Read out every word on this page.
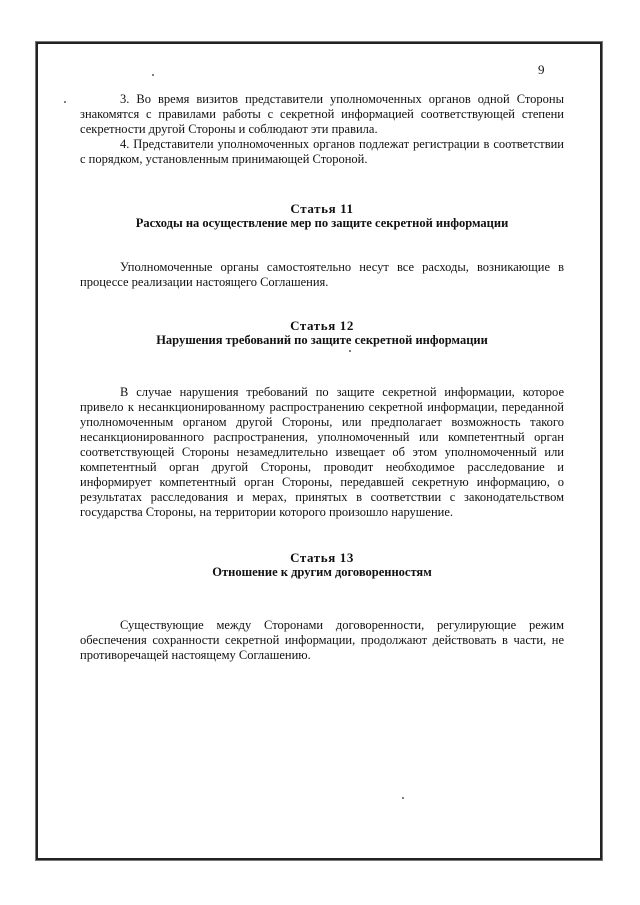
9

3. Во время визитов представители уполномоченных органов одной Стороны знакомятся с правилами работы с секретной информацией соответствующей степени секретности другой Стороны и соблюдают эти правила.

4. Представители уполномоченных органов подлежат регистрации в соответствии с порядком, установленным принимающей Стороной.

Статья 11

Расходы на осуществление мер по защите секретной информации

Уполномоченные органы самостоятельно несут все расходы, возникающие в процессе реализации настоящего Соглашения.

Статья 12

Нарушения требований по защите секретной информации

В случае нарушения требований по защите секретной информации, которое привело к несанкционированному распространению секретной информации, переданной уполномоченным органом другой Стороны, или предполагает возможность такого несанкционированного распространения, уполномоченный или компетентный орган соответствующей Стороны незамедлительно извещает об этом уполномоченный или компетентный орган другой Стороны, проводит необходимое расследование и информирует компетентный орган Стороны, передавшей секретную информацию, о результатах расследования и мерах, принятых в соответствии с законодательством государства Стороны, на территории которого произошло нарушение.

Статья 13

Отношение к другим договоренностям

Существующие между Сторонами договоренности, регулирующие режим обеспечения сохранности секретной информации, продолжают действовать в части, не противоречащей настоящему Соглашению.
